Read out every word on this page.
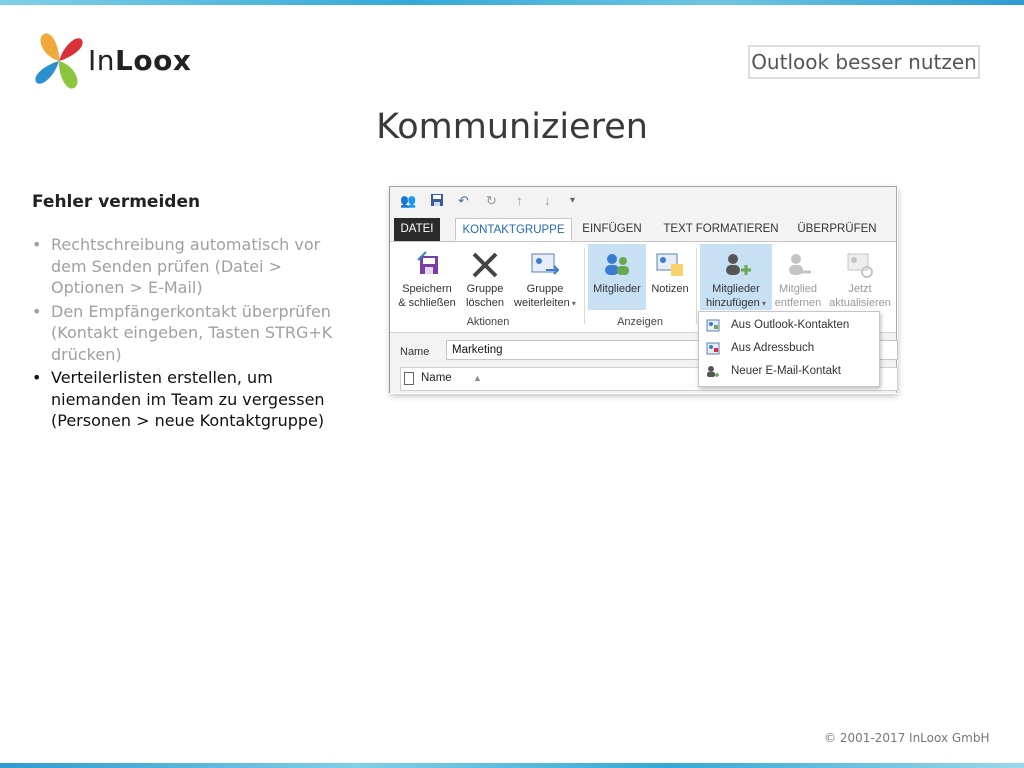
InLoox	Outlook besser nutzen
Kommunizieren
Fehler vermeiden
• Rechtschreibung automatisch vor dem Senden prüfen (Datei > Optionen > E-Mail)
• Den Empfängerkontakt überprüfen (Kontakt eingeben, Tasten STRG+K drücken)
• Verteilerlisten erstellen, um niemanden im Team zu vergessen (Personen > neue Kontaktgruppe)
👥	↶ ↻ ↑ ↓ ▾
DATEI	KONTAKTGRUPPE	EINFÜGEN TEXT FORMATIEREN ÜBERPRÜFEN
Speichern
& schließen
Gruppe
löschen
Gruppe
weiterleiten ▾
Aktionen
Mitglieder Notizen
Anzeigen
Mitglieder
hinzufügen ▾
Mitglied
entfernen
Jetzt
aktualisieren
Name	Marketing
Name ▲
Aus Outlook-Kontakten
Aus Adressbuch
Neuer E-Mail-Kontakt
© 2001-2017 InLoox GmbH
